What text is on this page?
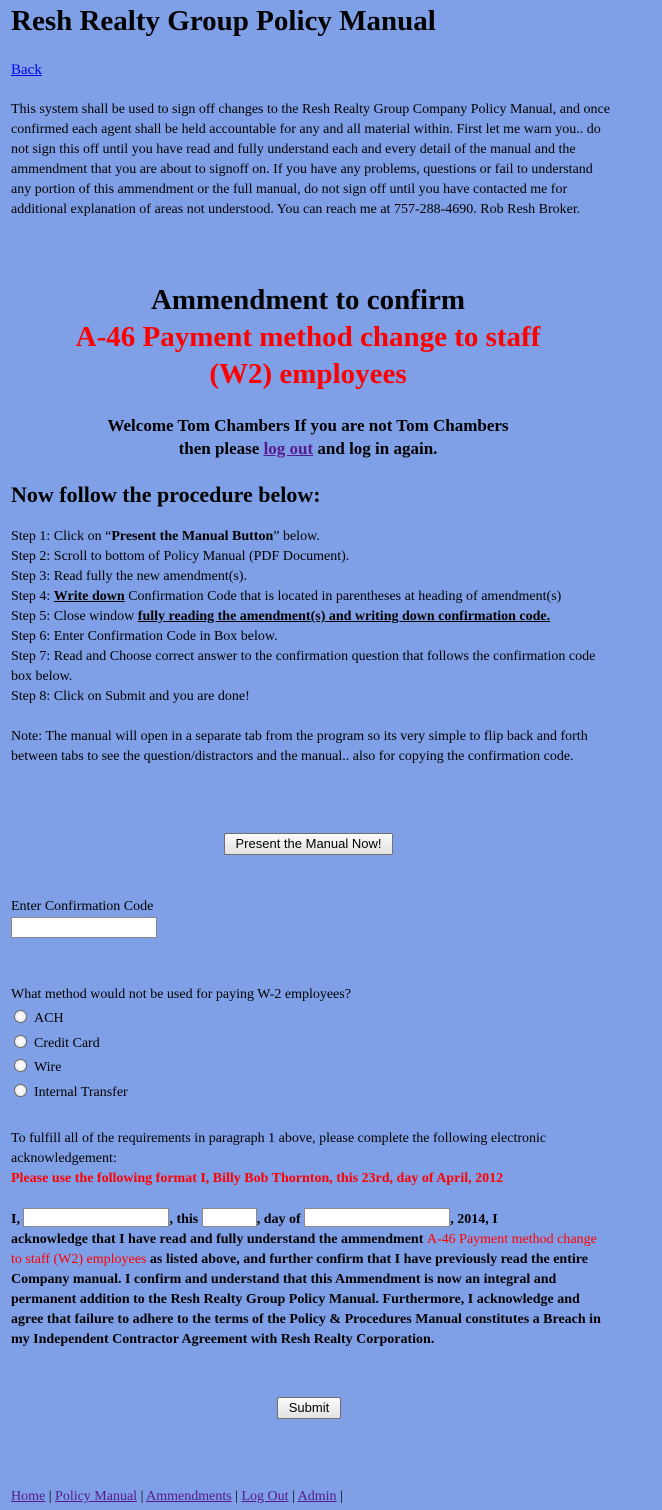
Resh Realty Group Policy Manual
Back
This system shall be used to sign off changes to the Resh Realty Group Company Policy Manual, and once confirmed each agent shall be held accountable for any and all material within. First let me warn you.. do not sign this off until you have read and fully understand each and every detail of the manual and the ammendment that you are about to signoff on. If you have any problems, questions or fail to understand any portion of this ammendment or the full manual, do not sign off until you have contacted me for additional explanation of areas not understood. You can reach me at 757-288-4690. Rob Resh Broker.
Ammendment to confirm
A-46 Payment method change to staff
(W2) employees
Welcome Tom Chambers If you are not Tom Chambers
then please log out and log in again.
Now follow the procedure below:
Step 1: Click on “Present the Manual Button” below.
Step 2: Scroll to bottom of Policy Manual (PDF Document).
Step 3: Read fully the new amendment(s).
Step 4: Write down Confirmation Code that is located in parentheses at heading of amendment(s)
Step 5: Close window fully reading the amendment(s) and writing down confirmation code.
Step 6: Enter Confirmation Code in Box below.
Step 7: Read and Choose correct answer to the confirmation question that follows the confirmation code box below.
Step 8: Click on Submit and you are done!
Note: The manual will open in a separate tab from the program so its very simple to flip back and forth
between tabs to see the question/distractors and the manual.. also for copying the confirmation code.
Present the Manual Now!
Enter Confirmation Code
What method would not be used for paying W-2 employees?
ACH
Credit Card
Wire
Internal Transfer
To fulfill all of the requirements in paragraph 1 above, please complete the following electronic acknowledgement:
Please use the following format I, Billy Bob Thornton, this 23rd, day of April, 2012
I,	, this	, day of	, 2014, I
acknowledge that I have read and fully understand the ammendment A-46 Payment method change to staff (W2) employees as listed above, and further confirm that I have previously read the entire Company manual. I confirm and understand that this Ammendment is now an integral and permanent addition to the Resh Realty Group Policy Manual. Furthermore, I acknowledge and agree that failure to adhere to the terms of the Policy & Procedures Manual constitutes a Breach in my Independent Contractor Agreement with Resh Realty Corporation.
Submit
Home | Policy Manual | Ammendments | Log Out | Admin |
